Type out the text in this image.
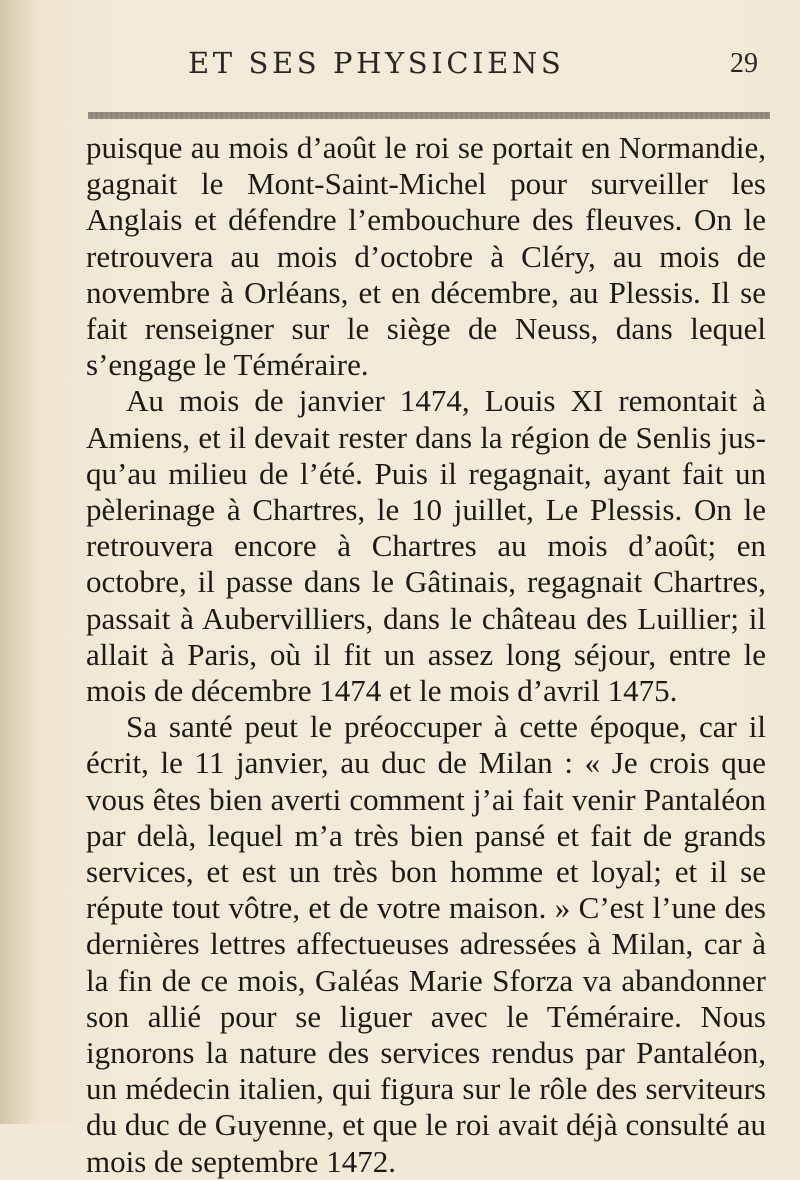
ET SES PHYSICIENS	29

puisque au mois d’août le roi se portait en Normandie, gagnait le Mont-Saint-Michel pour surveiller les Anglais et défendre l’embouchure des fleuves. On le retrouvera au mois d’octobre à Cléry, au mois de novembre à Orléans, et en décembre, au Plessis. Il se fait renseigner sur le siège de Neuss, dans lequel s’engage le Téméraire.

Au mois de janvier 1474, Louis XI remontait à Amiens, et il devait rester dans la région de Senlis jusqu’au milieu de l’été. Puis il regagnait, ayant fait un pèlerinage à Chartres, le 10 juillet, Le Plessis. On le retrouvera encore à Chartres au mois d’août; en octobre, il passe dans le Gâtinais, regagnait Chartres, passait à Aubervilliers, dans le château des Luillier; il allait à Paris, où il fit un assez long séjour, entre le mois de décembre 1474 et le mois d’avril 1475.

Sa santé peut le préoccuper à cette époque, car il écrit, le 11 janvier, au duc de Milan : « Je crois que vous êtes bien averti comment j’ai fait venir Pantaléon par delà, lequel m’a très bien pansé et fait de grands services, et est un très bon homme et loyal; et il se répute tout vôtre, et de votre maison. » C’est l’une des dernières lettres affectueuses adressées à Milan, car à la fin de ce mois, Galéas Marie Sforza va abandonner son allié pour se liguer avec le Téméraire. Nous ignorons la nature des services rendus par Pantaléon, un médecin italien, qui figura sur le rôle des serviteurs du duc de Guyenne, et que le roi avait déjà consulté au mois de septembre 1472.
